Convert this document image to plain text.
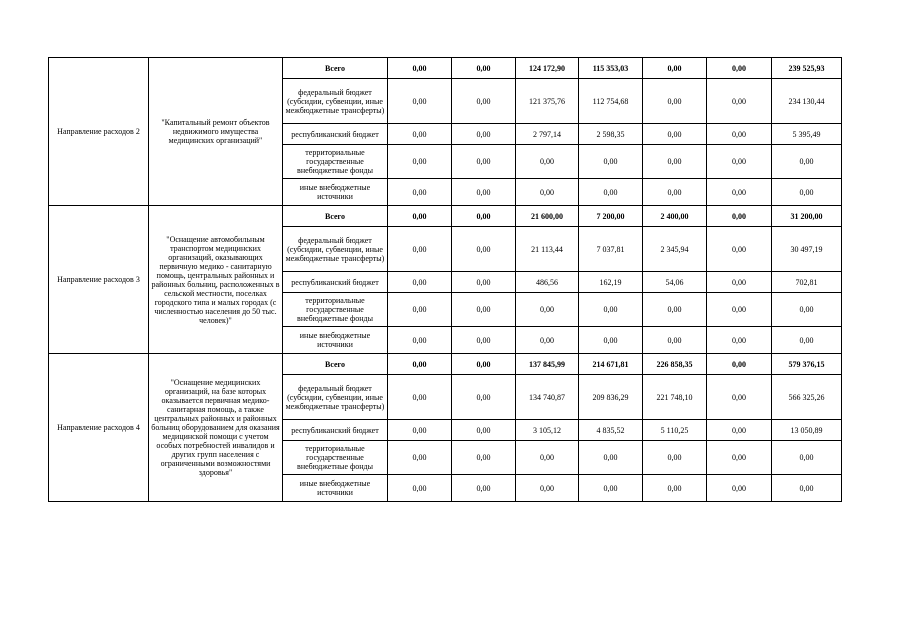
Направление расходов 2	"Капитальный ремонт объектов недвижимого имущества медицинских организаций"	Всего	0,00	0,00	124 172,90	115 353,03	0,00	0,00	239 525,93
		федеральный бюджет (субсидии, субвенции, иные межбюджетные трансферты)	0,00	0,00	121 375,76	112 754,68	0,00	0,00	234 130,44
		республиканский бюджет	0,00	0,00	2 797,14	2 598,35	0,00	0,00	5 395,49
		территориальные государственные внебюджетные фонды	0,00	0,00	0,00	0,00	0,00	0,00	0,00
		иные внебюджетные источники	0,00	0,00	0,00	0,00	0,00	0,00	0,00
Направление расходов 3	"Оснащение автомобильным транспортом медицинских организаций, оказывающих первичную медико - санитарную помощь, центральных районных и районных больниц, расположенных в сельской местности, поселках городского типа и малых городах (с численностью населения до 50 тыс. человек)"	Всего	0,00	0,00	21 600,00	7 200,00	2 400,00	0,00	31 200,00
		федеральный бюджет (субсидии, субвенции, иные межбюджетные трансферты)	0,00	0,00	21 113,44	7 037,81	2 345,94	0,00	30 497,19
		республиканский бюджет	0,00	0,00	486,56	162,19	54,06	0,00	702,81
		территориальные государственные внебюджетные фонды	0,00	0,00	0,00	0,00	0,00	0,00	0,00
		иные внебюджетные источники	0,00	0,00	0,00	0,00	0,00	0,00	0,00
Направление расходов 4	"Оснащение медицинских организаций, на базе которых оказывается первичная медико-санитарная помощь, а также центральных районных и районных больниц оборудованием для оказания медицинской помощи с учетом особых потребностей инвалидов и других групп населения с ограниченными возможностями здоровья"	Всего	0,00	0,00	137 845,99	214 671,81	226 858,35	0,00	579 376,15
		федеральный бюджет (субсидии, субвенции, иные межбюджетные трансферты)	0,00	0,00	134 740,87	209 836,29	221 748,10	0,00	566 325,26
		республиканский бюджет	0,00	0,00	3 105,12	4 835,52	5 110,25	0,00	13 050,89
		территориальные государственные внебюджетные фонды	0,00	0,00	0,00	0,00	0,00	0,00	0,00
		иные внебюджетные источники	0,00	0,00	0,00	0,00	0,00	0,00	0,00
